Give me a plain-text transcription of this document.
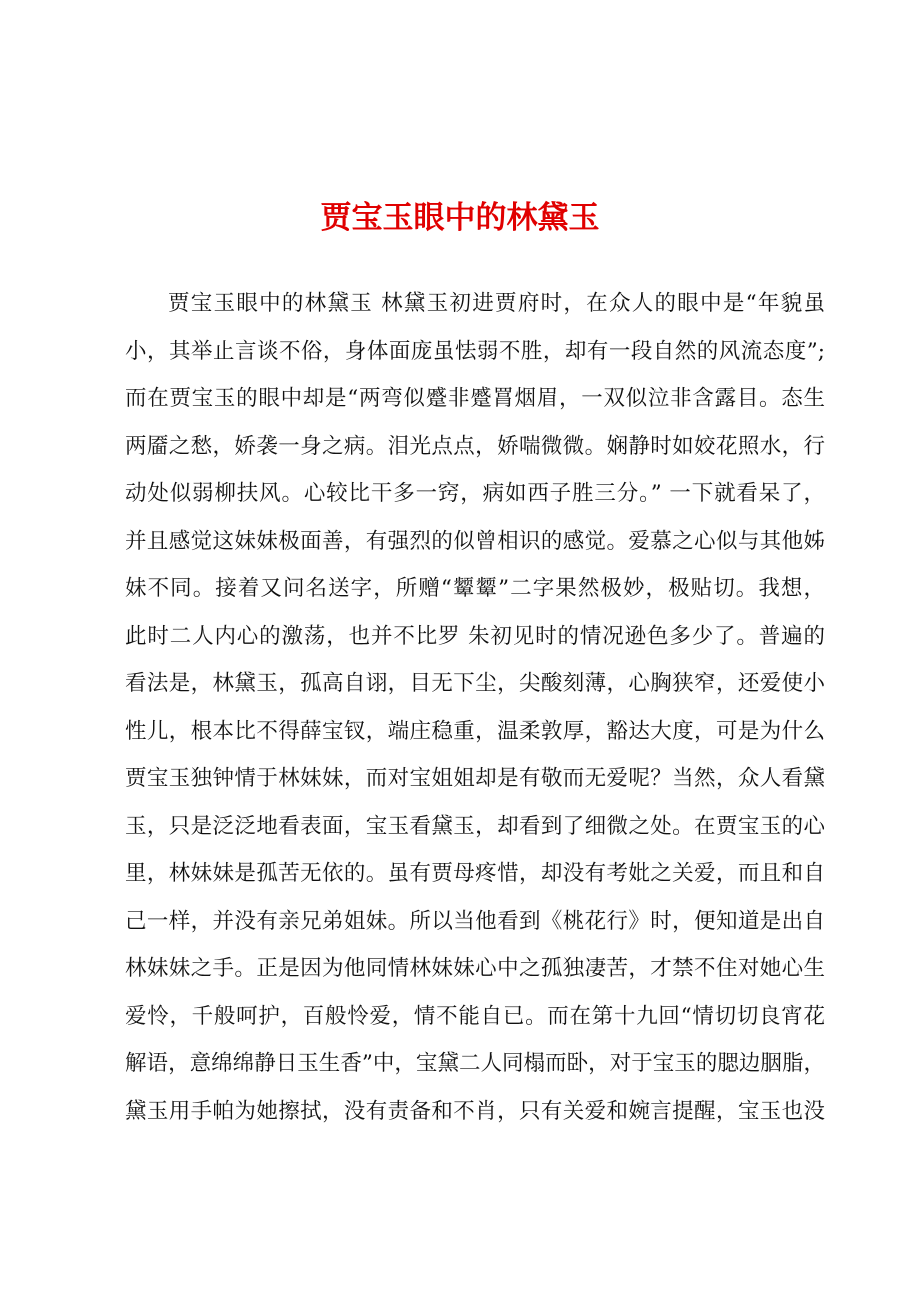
贾宝玉眼中的林黛玉
贾宝玉眼中的林黛玉 林黛玉初进贾府时，在众人的眼中是“年貌虽
小，其举止言谈不俗，身体面庞虽怯弱不胜，却有一段自然的风流态度”;
而在贾宝玉的眼中却是“两弯似蹙非蹙罥烟眉，一双似泣非含露目。态生
两靥之愁，娇袭一身之病。泪光点点，娇喘微微。娴静时如姣花照水，行
动处似弱柳扶风。心较比干多一窍，病如西子胜三分。” 一下就看呆了，
并且感觉这妹妹极面善，有强烈的似曾相识的感觉。爱慕之心似与其他姊
妹不同。接着又问名送字，所赠“颦颦”二字果然极妙，极贴切。我想，
此时二人内心的激荡，也并不比罗 朱初见时的情况逊色多少了。普遍的
看法是，林黛玉，孤高自诩，目无下尘，尖酸刻薄，心胸狭窄，还爱使小
性儿，根本比不得薛宝钗，端庄稳重，温柔敦厚，豁达大度，可是为什么
贾宝玉独钟情于林妹妹，而对宝姐姐却是有敬而无爱呢？当然，众人看黛
玉，只是泛泛地看表面，宝玉看黛玉，却看到了细微之处。在贾宝玉的心
里，林妹妹是孤苦无依的。虽有贾母疼惜，却没有考妣之关爱，而且和自
己一样，并没有亲兄弟姐妹。所以当他看到《桃花行》时，便知道是出自
林妹妹之手。正是因为他同情林妹妹心中之孤独凄苦，才禁不住对她心生
爱怜，千般呵护，百般怜爱，情不能自已。而在第十九回“情切切良宵花
解语，意绵绵静日玉生香”中，宝黛二人同榻而卧，对于宝玉的腮边胭脂，
黛玉用手帕为她擦拭，没有责备和不肖，只有关爱和婉言提醒，宝玉也没
